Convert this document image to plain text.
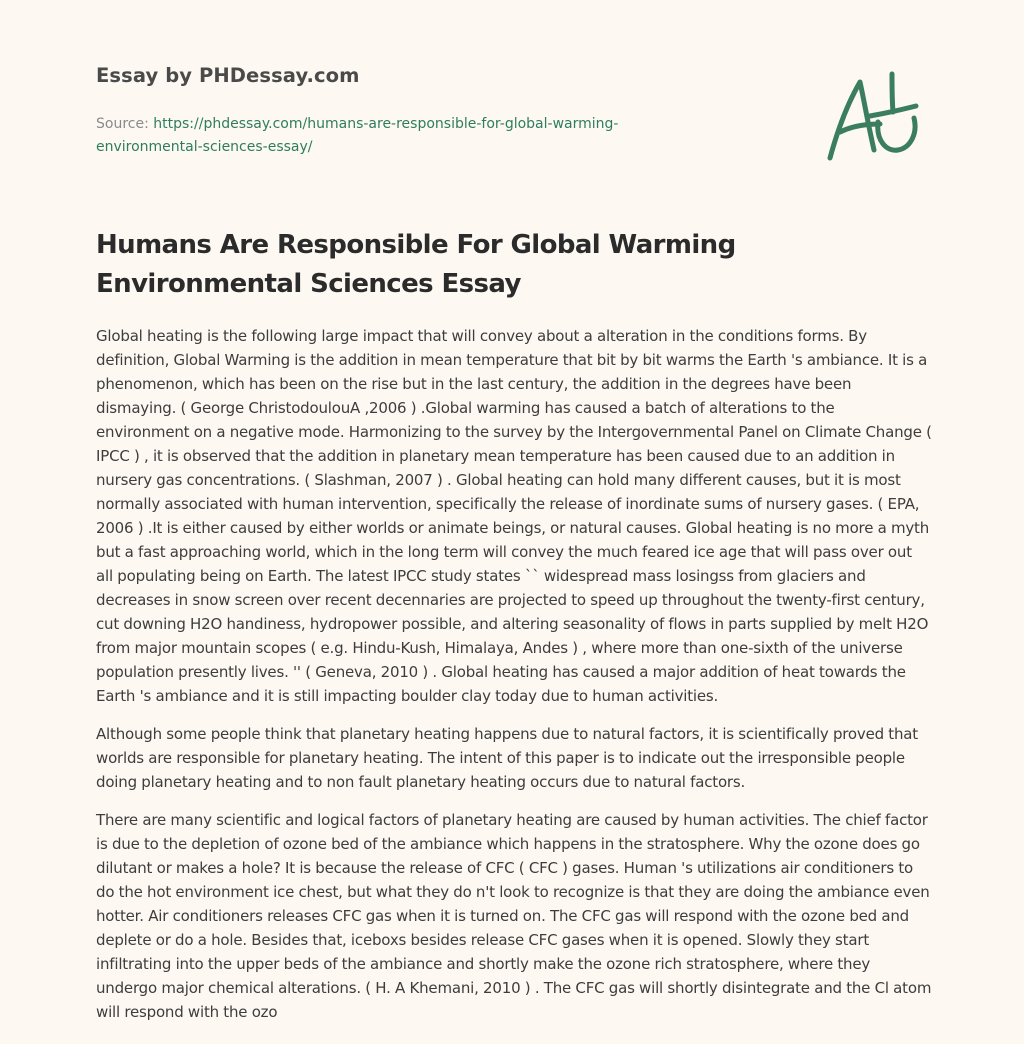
Essay by PHDessay.com
Source: https://phdessay.com/humans-are-responsible-for-global-warming-environmental-sciences-essay/
Humans Are Responsible For Global Warming Environmental Sciences Essay

Global heating is the following large impact that will convey about a alteration in the conditions forms. By definition, Global Warming is the addition in mean temperature that bit by bit warms the Earth 's ambiance. It is a phenomenon, which has been on the rise but in the last century, the addition in the degrees have been dismaying. ( George ChristodoulouA ,2006 ) .Global warming has caused a batch of alterations to the environment on a negative mode. Harmonizing to the survey by the Intergovernmental Panel on Climate Change ( IPCC ) , it is observed that the addition in planetary mean temperature has been caused due to an addition in nursery gas concentrations. ( Slashman, 2007 ) . Global heating can hold many different causes, but it is most normally associated with human intervention, specifically the release of inordinate sums of nursery gases. ( EPA, 2006 ) .It is either caused by either worlds or animate beings, or natural causes. Global heating is no more a myth but a fast approaching world, which in the long term will convey the much feared ice age that will pass over out all populating being on Earth. The latest IPCC study states `` widespread mass losingss from glaciers and decreases in snow screen over recent decennaries are projected to speed up throughout the twenty-first century, cut downing H2O handiness, hydropower possible, and altering seasonality of flows in parts supplied by melt H2O from major mountain scopes ( e.g. Hindu-Kush, Himalaya, Andes ) , where more than one-sixth of the universe population presently lives. '' ( Geneva, 2010 ) . Global heating has caused a major addition of heat towards the Earth 's ambiance and it is still impacting boulder clay today due to human activities.

Although some people think that planetary heating happens due to natural factors, it is scientifically proved that worlds are responsible for planetary heating. The intent of this paper is to indicate out the irresponsible people doing planetary heating and to non fault planetary heating occurs due to natural factors.

There are many scientific and logical factors of planetary heating are caused by human activities. The chief factor is due to the depletion of ozone bed of the ambiance which happens in the stratosphere. Why the ozone does go dilutant or makes a hole? It is because the release of CFC ( CFC ) gases. Human 's utilizations air conditioners to do the hot environment ice chest, but what they do n't look to recognize is that they are doing the ambiance even hotter. Air conditioners releases CFC gas when it is turned on. The CFC gas will respond with the ozone bed and deplete or do a hole. Besides that, iceboxs besides release CFC gases when it is opened. Slowly they start infiltrating into the upper beds of the ambiance and shortly make the ozone rich stratosphere, where they undergo major chemical alterations. ( H. A Khemani, 2010 ) . The CFC gas will shortly disintegrate and the Cl atom will respond with the ozo
